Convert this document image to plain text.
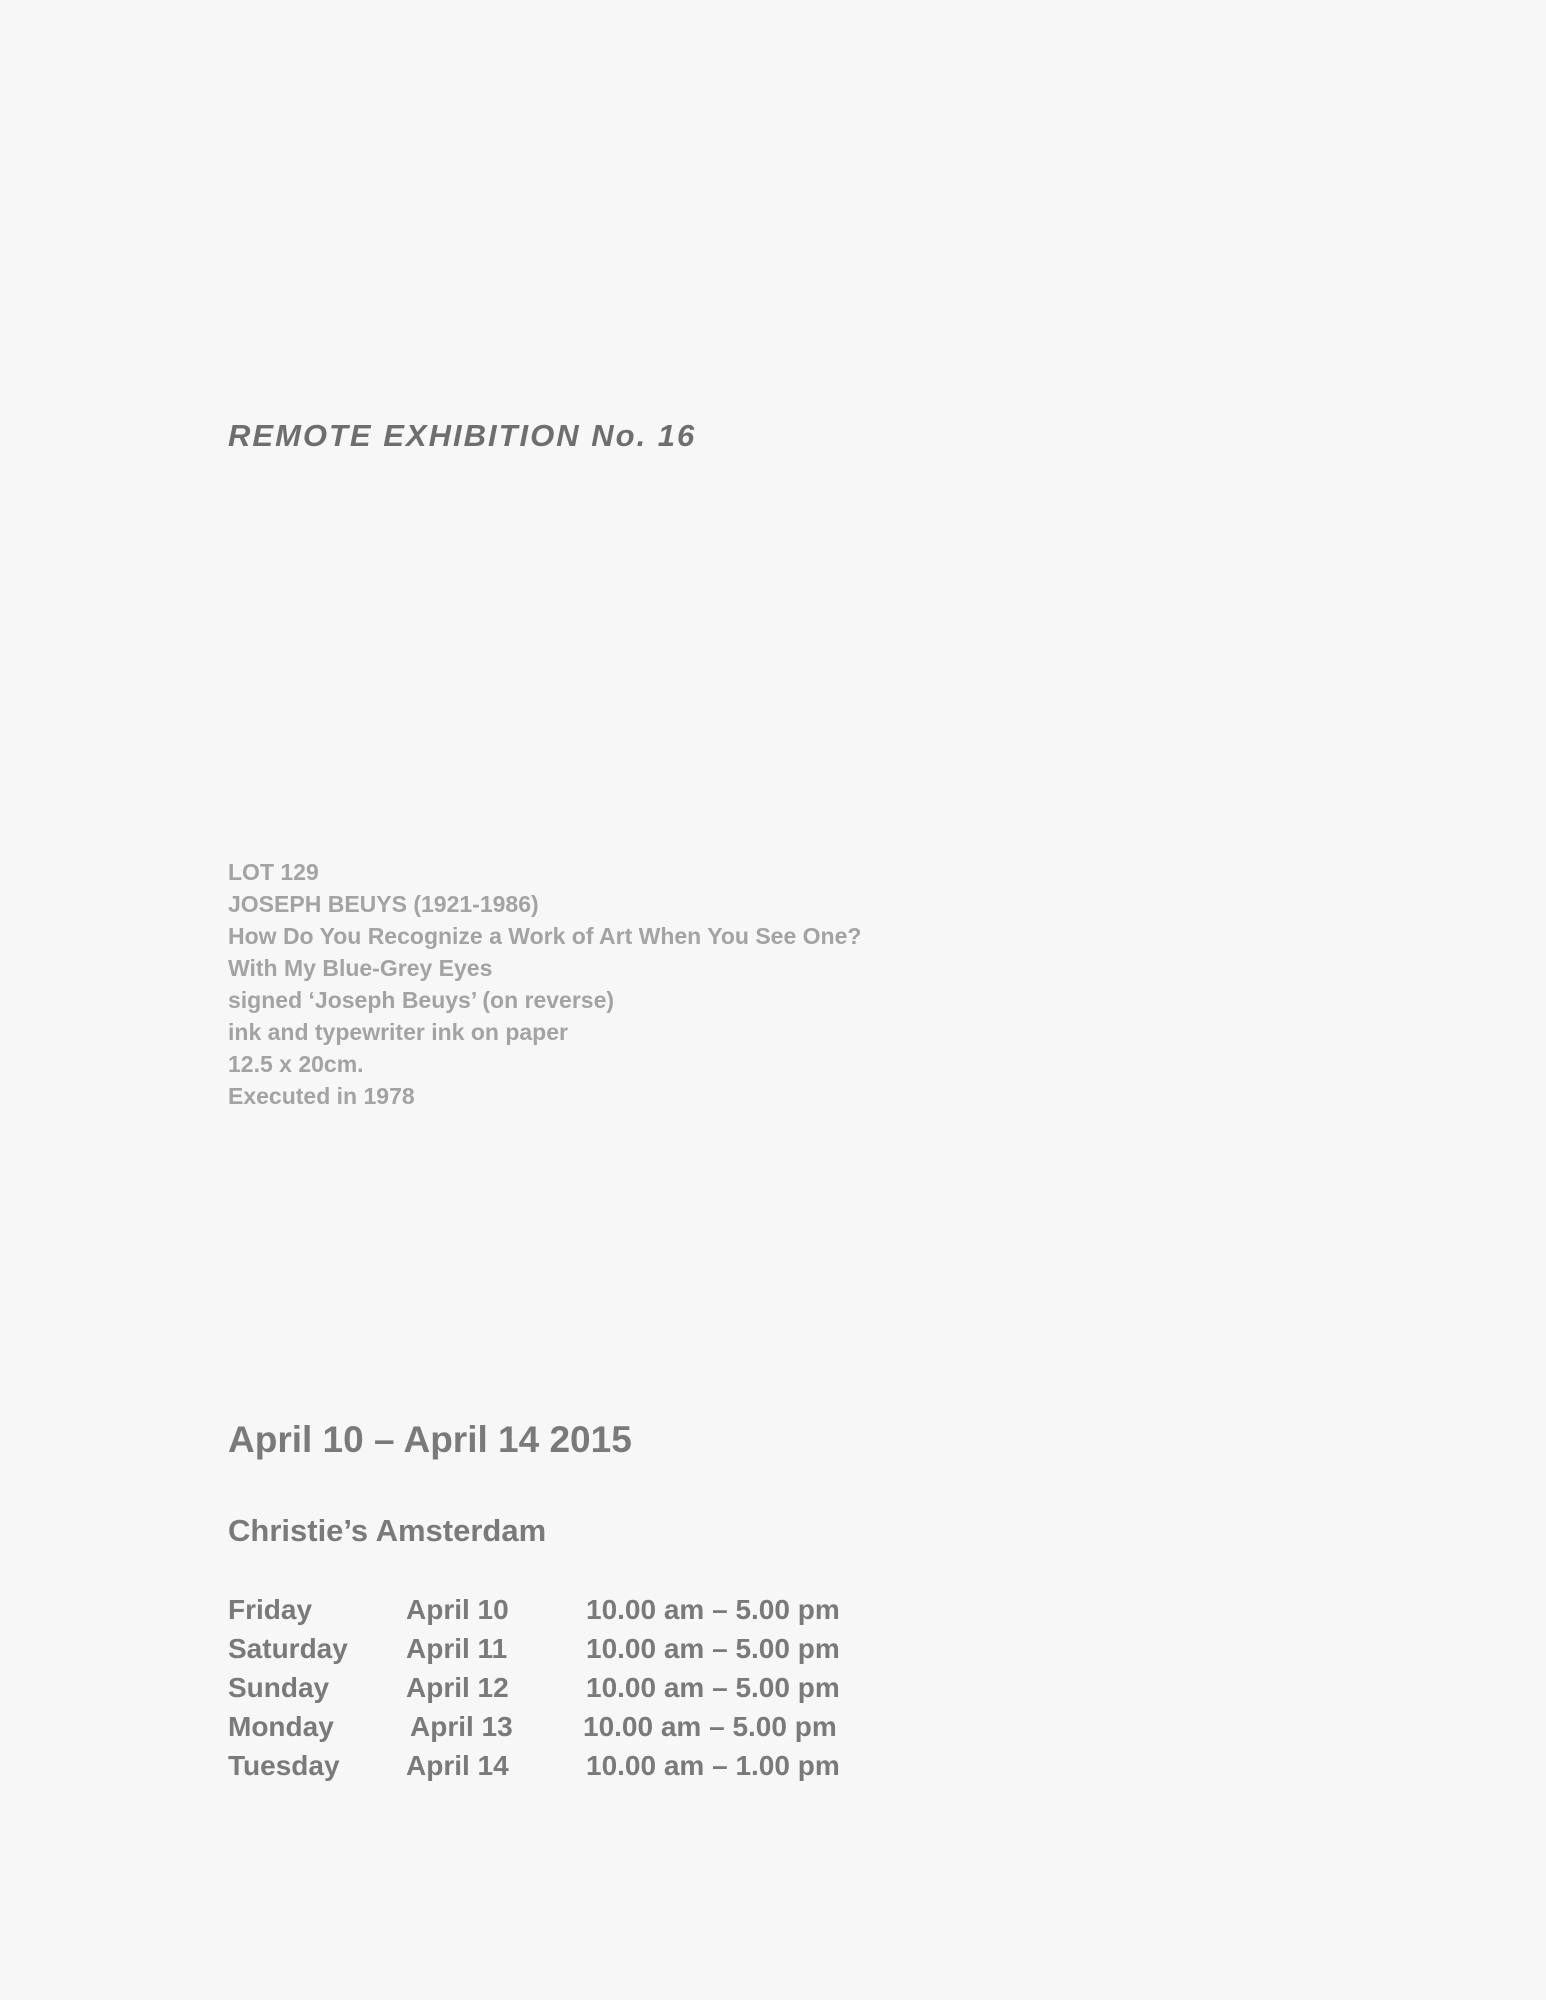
REMOTE EXHIBITION No. 16
LOT 129
JOSEPH BEUYS (1921-1986)
How Do You Recognize a Work of Art When You See One?
With My Blue-Grey Eyes
signed ‘Joseph Beuys’ (on reverse)
ink and typewriter ink on paper
12.5 x 20cm.
Executed in 1978
April 10 – April 14 2015
Christie’s Amsterdam
Friday	April 10	10.00 am – 5.00 pm
Saturday April 11	10.00 am – 5.00 pm
Sunday	April 12	10.00 am – 5.00 pm
Monday	April 13	10.00 am – 5.00 pm
Tuesday April 14	10.00 am – 1.00 pm
